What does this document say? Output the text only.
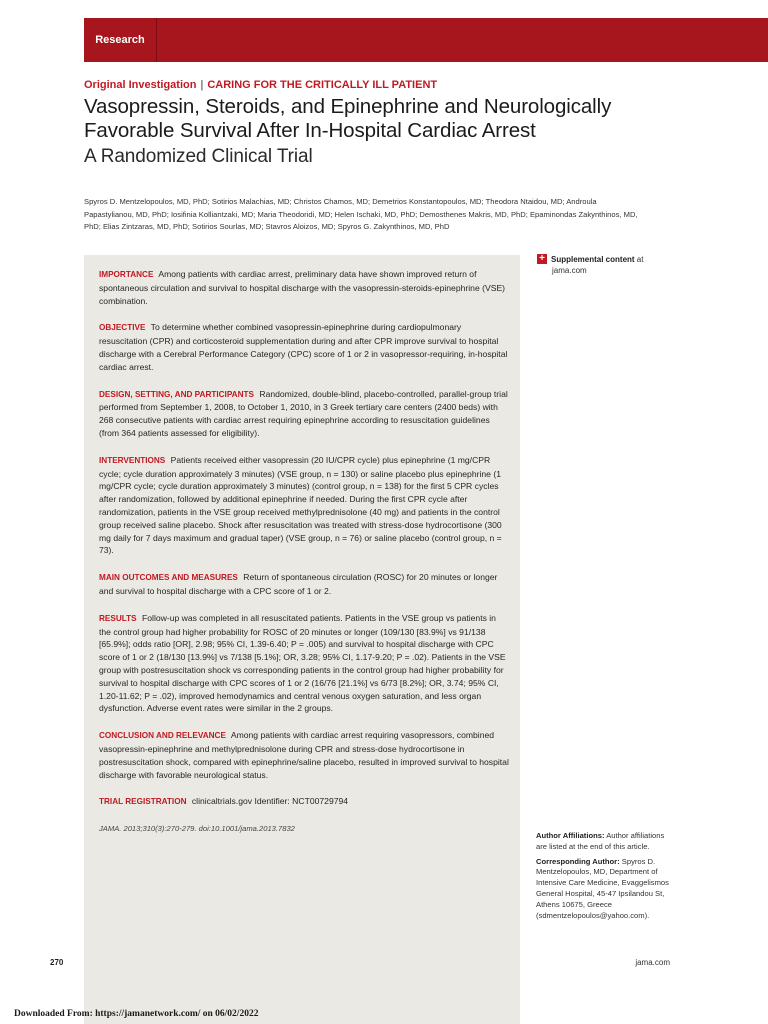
Research
Original Investigation | CARING FOR THE CRITICALLY ILL PATIENT
Vasopressin, Steroids, and Epinephrine and Neurologically Favorable Survival After In-Hospital Cardiac Arrest
A Randomized Clinical Trial
Spyros D. Mentzelopoulos, MD, PhD; Sotirios Malachias, MD; Christos Chamos, MD; Demetrios Konstantopoulos, MD; Theodora Ntaidou, MD; Androula Papastylianou, MD, PhD; Iosifinia Kolliantzaki, MD; Maria Theodoridi, MD; Helen Ischaki, MD, PhD; Demosthenes Makris, MD, PhD; Epaminondas Zakynthinos, MD, PhD; Elias Zintzaras, MD, PhD; Sotirios Sourlas, MD; Stavros Aloizos, MD; Spyros G. Zakynthinos, MD, PhD

IMPORTANCE Among patients with cardiac arrest, preliminary data have shown improved return of spontaneous circulation and survival to hospital discharge with the vasopressin-steroids-epinephrine (VSE) combination.

OBJECTIVE To determine whether combined vasopressin-epinephrine during cardiopulmonary resuscitation (CPR) and corticosteroid supplementation during and after CPR improve survival to hospital discharge with a Cerebral Performance Category (CPC) score of 1 or 2 in vasopressor-requiring, in-hospital cardiac arrest.

DESIGN, SETTING, AND PARTICIPANTS Randomized, double-blind, placebo-controlled, parallel-group trial performed from September 1, 2008, to October 1, 2010, in 3 Greek tertiary care centers (2400 beds) with 268 consecutive patients with cardiac arrest requiring epinephrine according to resuscitation guidelines (from 364 patients assessed for eligibility).

INTERVENTIONS Patients received either vasopressin (20 IU/CPR cycle) plus epinephrine (1 mg/CPR cycle; cycle duration approximately 3 minutes) (VSE group, n = 130) or saline placebo plus epinephrine (1 mg/CPR cycle; cycle duration approximately 3 minutes) (control group, n = 138) for the first 5 CPR cycles after randomization, followed by additional epinephrine if needed. During the first CPR cycle after randomization, patients in the VSE group received methylprednisolone (40 mg) and patients in the control group received saline placebo. Shock after resuscitation was treated with stress-dose hydrocortisone (300 mg daily for 7 days maximum and gradual taper) (VSE group, n = 76) or saline placebo (control group, n = 73).

MAIN OUTCOMES AND MEASURES Return of spontaneous circulation (ROSC) for 20 minutes or longer and survival to hospital discharge with a CPC score of 1 or 2.

RESULTS Follow-up was completed in all resuscitated patients. Patients in the VSE group vs patients in the control group had higher probability for ROSC of 20 minutes or longer (109/130 [83.9%] vs 91/138 [65.9%]; odds ratio [OR], 2.98; 95% CI, 1.39-6.40; P = .005) and survival to hospital discharge with CPC score of 1 or 2 (18/130 [13.9%] vs 7/138 [5.1%]; OR, 3.28; 95% CI, 1.17-9.20; P = .02). Patients in the VSE group with postresuscitation shock vs corresponding patients in the control group had higher probability for survival to hospital discharge with CPC scores of 1 or 2 (16/76 [21.1%] vs 6/73 [8.2%]; OR, 3.74; 95% CI, 1.20-11.62; P = .02), improved hemodynamics and central venous oxygen saturation, and less organ dysfunction. Adverse event rates were similar in the 2 groups.

CONCLUSION AND RELEVANCE Among patients with cardiac arrest requiring vasopressors, combined vasopressin-epinephrine and methylprednisolone during CPR and stress-dose hydrocortisone in postresuscitation shock, compared with epinephrine/saline placebo, resulted in improved survival to hospital discharge with favorable neurological status.

TRIAL REGISTRATION clinicaltrials.gov Identifier: NCT00729794

JAMA. 2013;310(3):270-279. doi:10.1001/jama.2013.7832

+ Supplemental content at
jama.com

Author Affiliations: Author affiliations are listed at the end of this article.

Corresponding Author: Spyros D. Mentzelopoulos, MD, Department of Intensive Care Medicine, Evaggelismos General Hospital, 45-47 Ipsilandou St, Athens 10675, Greece (sdmentzelopoulos@yahoo.com).

270	jama.com
Downloaded From: https://jamanetwork.com/ on 06/02/2022
